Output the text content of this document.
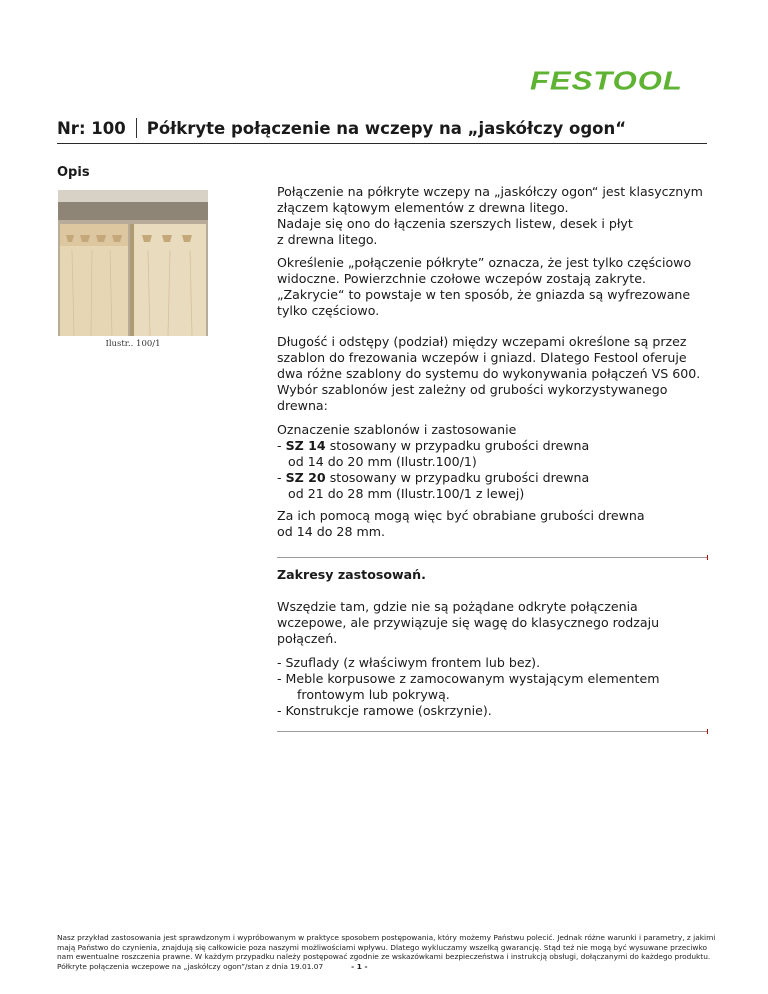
FESTOOL
Nr: 100 Półkryte połączenie na wczepy na „jaskółczy ogon“
Opis
Ilustr.. 100/1

Połączenie na półkryte wczepy na „jaskółczy ogon“ jest klasycznym

złączem kątowym elementów z drewna litego.

Nadaje się ono do łączenia szerszych listew, desek i płyt

z drewna litego.

Określenie „połączenie półkryte” oznacza, że jest tylko częściowo

widoczne. Powierzchnie czołowe wczepów zostają zakryte.

„Zakrycie“ to powstaje w ten sposób, że gniazda są wyfrezowane

tylko częściowo.

Długość i odstępy (podział) między wczepami określone są przez

szablon do frezowania wczepów i gniazd. Dlatego Festool oferuje

dwa różne szablony do systemu do wykonywania połączeń VS 600.

Wybór szablonów jest zależny od grubości wykorzystywanego

drewna:

Oznaczenie szablonów i zastosowanie

- SZ 14 stosowany w przypadku grubości drewna

od 14 do 20 mm (Ilustr.100/1)

- SZ 20 stosowany w przypadku grubości drewna

od 21 do 28 mm (Ilustr.100/1 z lewej)

Za ich pomocą mogą więc być obrabiane grubości drewna

od 14 do 28 mm.

Zakresy zastosowań.

Wszędzie tam, gdzie nie są pożądane odkryte połączenia

wczepowe, ale przywiązuje się wagę do klasycznego rodzaju

połączeń.

- Szuflady (z właściwym frontem lub bez).

- Meble korpusowe z zamocowanym wystającym elementem

frontowym lub pokrywą.

- Konstrukcje ramowe (oskrzynie).

Nasz przykład zastosowania jest sprawdzonym i wypróbowanym w praktyce sposobem postępowania, który możemy Państwu polecić. Jednak różne warunki i parametry, z jakimi mają Państwo do czynienia, znajdują się całkowicie poza naszymi możliwościami wpływu. Dlatego wykluczamy wszelką gwarancję. Stąd też nie mogą być wysuwane przeciwko nam ewentualne roszczenia prawne. W każdym przypadku należy postępować zgodnie ze wskazówkami bezpieczeństwa i instrukcją obsługi, dołączanymi do każdego produktu.
Półkryte połączenia wczepowe na „jaskółczy ogon”/stan z dnia 19.01.07	- 1 -
